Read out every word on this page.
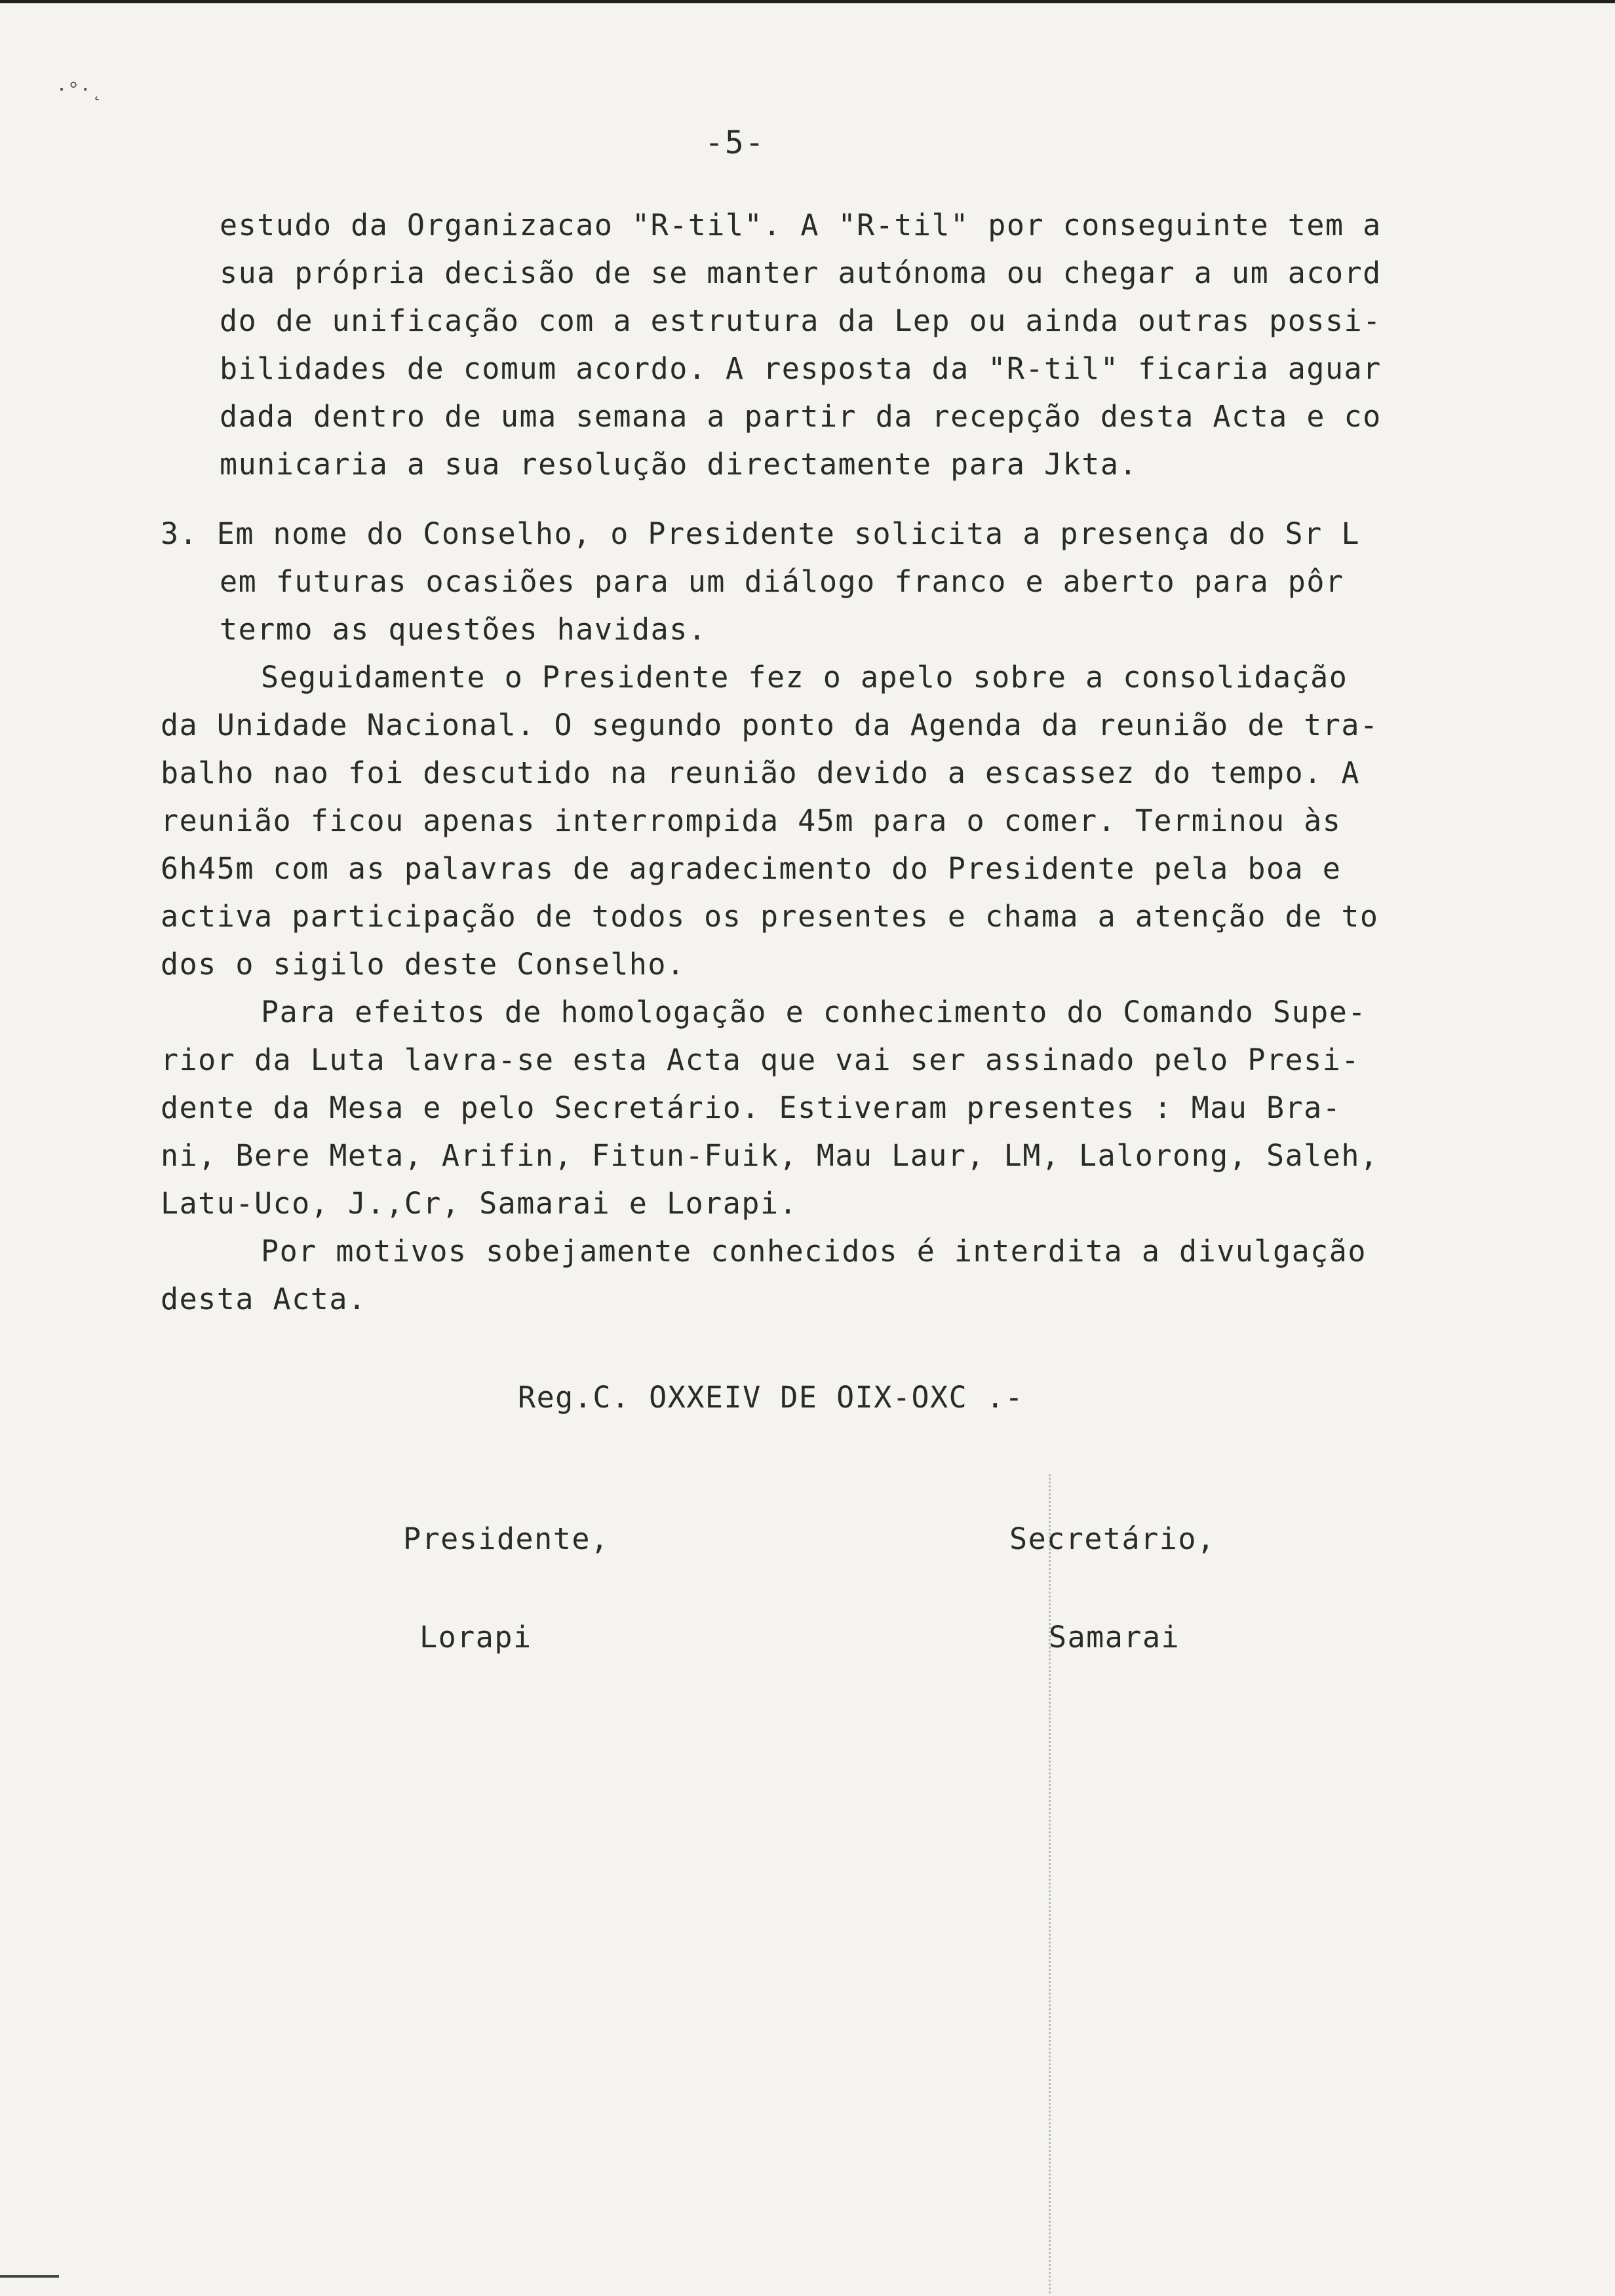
·°·˛
-5-
estudo da Organizacao "R-til". A "R-til" por conseguinte tem a
sua própria decisão de se manter autónoma ou chegar a um acord
do de unificação com a estrutura da Lep ou ainda outras possi-
bilidades de comum acordo. A resposta da "R-til" ficaria aguar
dada dentro de uma semana a partir da recepção desta Acta e co
municaria a sua resolução directamente para Jkta.
3. Em nome do Conselho, o Presidente solicita a presença do Sr L
em futuras ocasiões para um diálogo franco e aberto para pôr
termo as questões havidas.
Seguidamente o Presidente fez o apelo sobre a consolidação
da Unidade Nacional. O segundo ponto da Agenda da reunião de tra-
balho nao foi descutido na reunião devido a escassez do tempo. A
reunião ficou apenas interrompida 45m para o comer. Terminou às
6h45m com as palavras de agradecimento do Presidente pela boa e
activa participação de todos os presentes e chama a atenção de to
dos o sigilo deste Conselho.
Para efeitos de homologação e conhecimento do Comando Supe-
rior da Luta lavra-se esta Acta que vai ser assinado pelo Presi-
dente da Mesa e pelo Secretário. Estiveram presentes : Mau Bra-
ni, Bere Meta, Arifin, Fitun-Fuik, Mau Laur, LM, Lalorong, Saleh,
Latu-Uco, J.,Cr, Samarai e Lorapi.
Por motivos sobejamente conhecidos é interdita a divulgação
desta Acta.
Reg.C. OXXEIV DE OIX-OXC .-
Presidente,
Lorapi
Secretário,
Samarai
